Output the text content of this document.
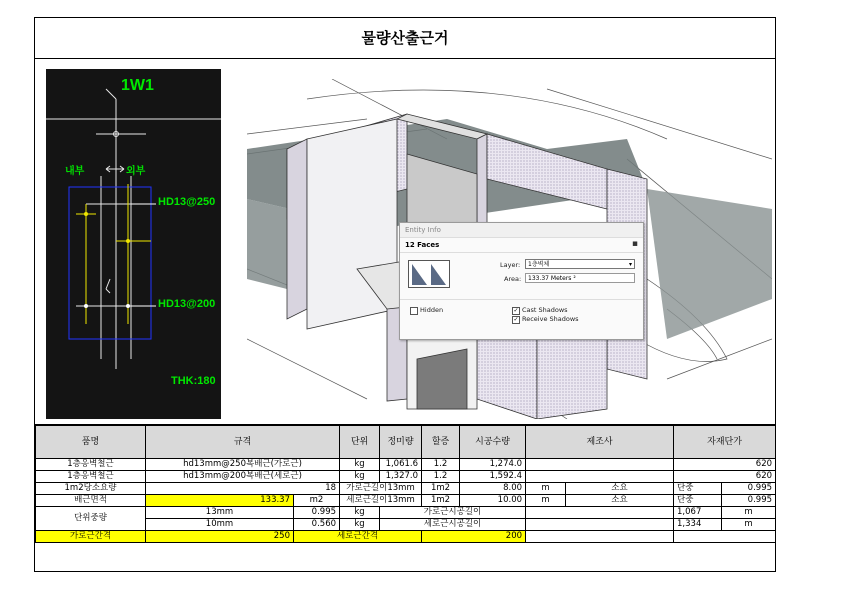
물량산출근거
1W1
내부	외부
HD13@250
HD13@200
THK:180
Entity Info
12 Faces	▪
Layer:	1층벽체	▾
Area:	133.37 Meters ²
Hidden	✓ Cast Shadows
✓ Receive Shadows
품명	규격		단위	정미량	할증	시공수량	제조사		자재단가	
1층옹벽철근	hd13mm@250복배근(가로근)		kg	1,061.6	1.2	1,274.0			620	
1층옹벽철근	hd13mm@200복배근(세로근)		kg	1,327.0	1.2	1,592.4			620	
1m2당소요량	18		가로근길이13mm		1m2	8.00	m	소요	단중	0.995
배근면적	133.37	m2	세로근길이13mm		1m2	10.00	m	소요	단중	0.995
단위중량	13mm	0.995	kg	가로근시공길이					1,067	m
	10mm	0.560	kg	세로근시공길이					1,334	m
가로근간격	250	세로근간격			200					
